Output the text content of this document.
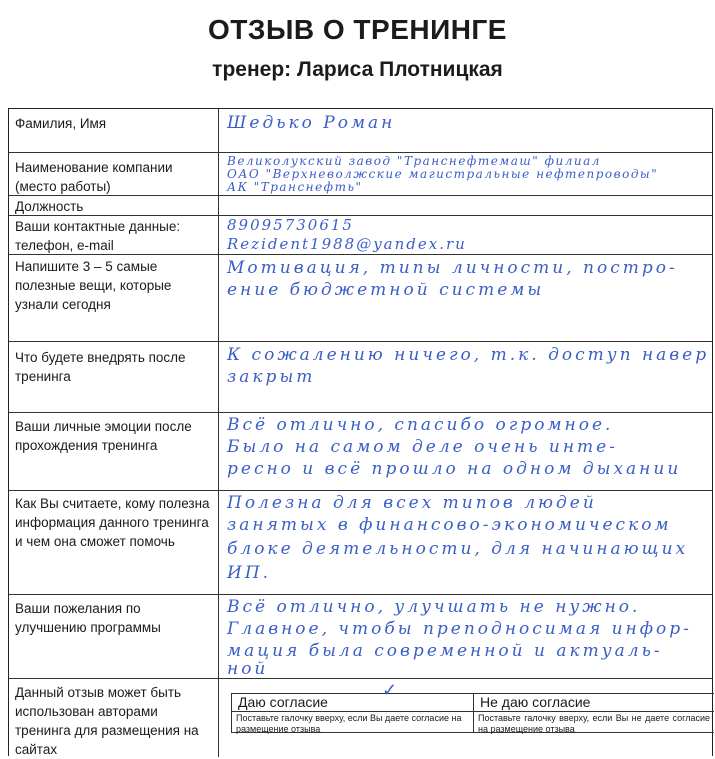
ОТЗЫВ О ТРЕНИНГЕ
тренер: Лариса Плотницкая
Фамилия, Имя	Шедько Роман
Наименование компании (место работы)
Великолукский завод "Транснефтемаш" филиал
ОАО "Верхневолжские магистральные нефтепроводы"
АК "Транснефть"
Должность
Ваши контактные данные: телефон, e-mail
89095730615
Rezident1988@yandex.ru
Напишите 3 – 5 самые полезные вещи, которые узнали сегодня
Мотивация, типы личности, постро-
ение бюджетной системы
Что будете внедрять после тренинга
К сожалению ничего, т.к. доступ навер
закрыт
Ваши личные эмоции после прохождения тренинга
Всё отлично, спасибо огромное.
Было на самом деле очень инте-
ресно и всё прошло на одном дыхании
Как Вы считаете, кому полезна информация данного тренинга и чем она сможет помочь
Полезна для всех типов людей
занятых в финансово-экономическом
блоке деятельности, для начинающих
ИП.
Ваши пожелания по улучшению программы
Всё отлично, улучшать не нужно.
Главное, чтобы преподносимая инфор-
мация была современной и актуаль-
ной
Данный отзыв может быть использован авторами тренинга для размещения на сайтах
✓
Даю согласие
Поставьте галочку вверху, если Вы даете согласие на размещение отзыва
Не даю согласие
Поставьте галочку вверху, если Вы не даете согласие на размещение отзыва
